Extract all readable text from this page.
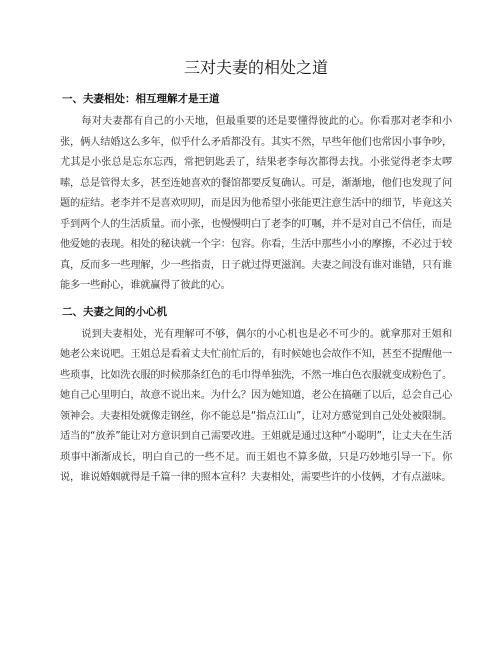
三对夫妻的相处之道
一、夫妻相处：相互理解才是王道

每对夫妻都有自己的小天地，但最重要的还是要懂得彼此的心。你看那对老李和小张，俩人结婚这么多年，似乎什么矛盾都没有。其实不然，早些年他们也常因小事争吵，尤其是小张总是忘东忘西，常把钥匙丢了，结果老李每次都得去找。小张觉得老李太啰嗦，总是管得太多，甚至连她喜欢的餐馆都要反复确认。可是，渐渐地，他们也发现了问题的症结。老李并不是喜欢叨叨，而是因为他希望小张能更注意生活中的细节，毕竟这关乎到两个人的生活质量。而小张，也慢慢明白了老李的叮嘱，并不是对自己不信任，而是他爱她的表现。相处的秘诀就一个字：包容。你看，生活中那些小小的摩擦，不必过于较真，反而多一些理解，少一些指责，日子就过得更滋润。夫妻之间没有谁对谁错，只有谁能多一些耐心，谁就赢得了彼此的心。

二、夫妻之间的小心机

说到夫妻相处，光有理解可不够，偶尔的小心机也是必不可少的。就拿那对王姐和她老公来说吧。王姐总是看着丈夫忙前忙后的，有时候她也会故作不知，甚至不提醒他一些琐事，比如洗衣服的时候那条红色的毛巾得单独洗，不然一堆白色衣服就变成粉色了。她自己心里明白，故意不说出来。为什么？因为她知道，老公在搞砸了以后，总会自己心领神会。夫妻相处就像走钢丝，你不能总是“指点江山”，让对方感觉到自己处处被限制。适当的“放养”能让对方意识到自己需要改进。王姐就是通过这种“小聪明”，让丈夫在生活琐事中渐渐成长，明白自己的一些不足。而王姐也不算多做，只是巧妙地引导一下。你说，谁说婚姻就得是千篇一律的照本宣科？夫妻相处，需要些许的小伎俩，才有点滋味。
